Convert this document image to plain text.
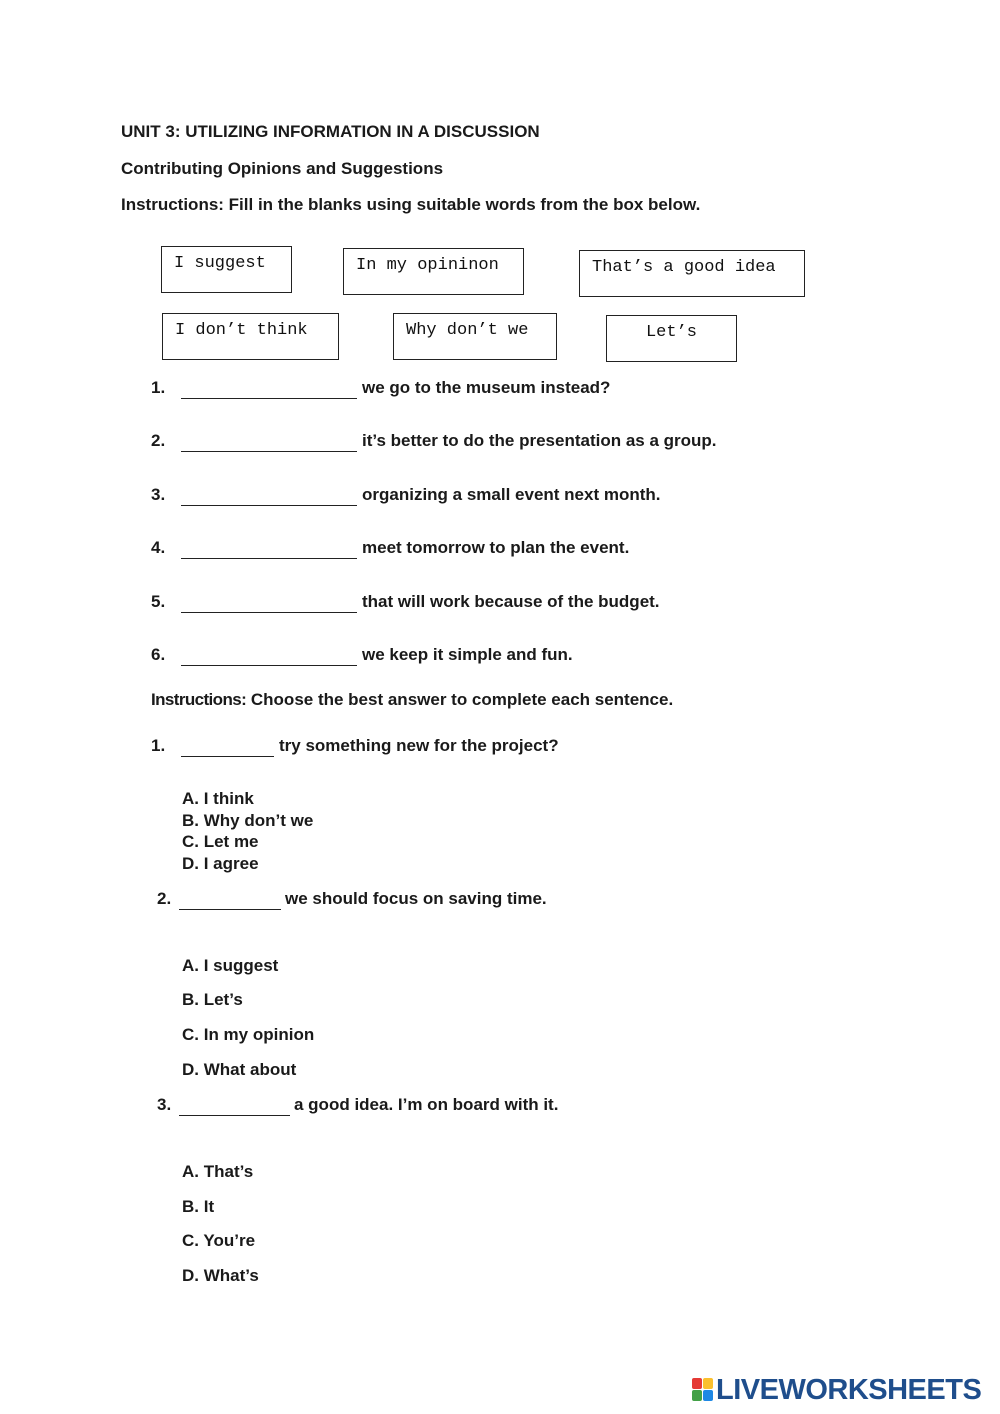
UNIT 3: UTILIZING INFORMATION IN A DISCUSSION
Contributing Opinions and Suggestions
Instructions: Fill in the blanks using suitable words from the box below.
I suggest	In my opininon	That’s a good idea
I don’t think	Why don’t we	Let’s
1.	we go to the museum instead?
2.	it’s better to do the presentation as a group.
3.	organizing a small event next month.
4.	meet tomorrow to plan the event.
5.	that will work because of the budget.
6.	we keep it simple and fun.
Instructions: Choose the best answer to complete each sentence.
1.	try something new for the project?
A. I think
B. Why don’t we
C. Let me
D. I agree
2.	we should focus on saving time.
A. I suggest
B. Let’s
C. In my opinion
D. What about
3.	a good idea. I’m on board with it.
A. That’s
B. It
C. You’re
D. What’s
LIVEWORKSHEETS
